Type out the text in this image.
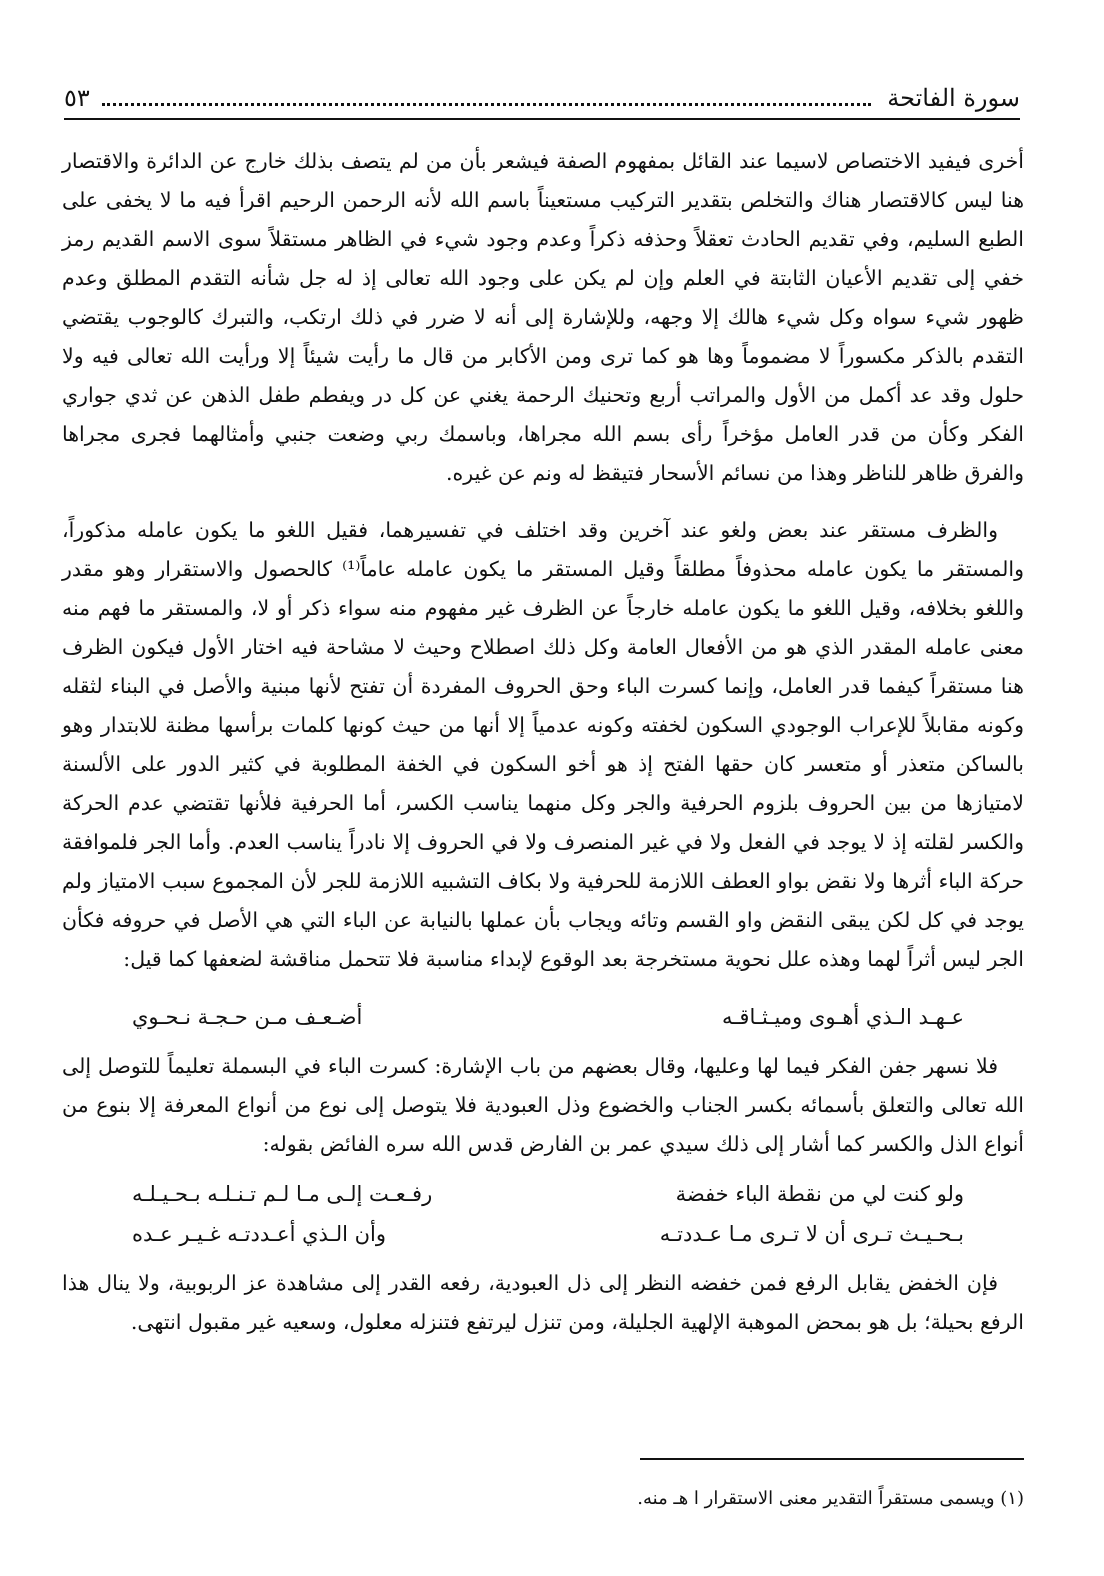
سورة الفاتحة
٥٣

أخرى فيفيد الاختصاص لاسيما عند القائل بمفهوم الصفة فيشعر بأن من لم يتصف بذلك خارج عن الدائرة والاقتصار هنا ليس كالاقتصار هناك والتخلص بتقدير التركيب مستعيناً باسم الله لأنه الرحمن الرحيم اقرأ فيه ما لا يخفى على الطبع السليم، وفي تقديم الحادث تعقلاً وحذفه ذكراً وعدم وجود شيء في الظاهر مستقلاً سوى الاسم القديم رمز خفي إلى تقديم الأعيان الثابتة في العلم وإن لم يكن على وجود الله تعالى إذ له جل شأنه التقدم المطلق وعدم ظهور شيء سواه وكل شيء هالك إلا وجهه، وللإشارة إلى أنه لا ضرر في ذلك ارتكب، والتبرك كالوجوب يقتضي التقدم بالذكر مكسوراً لا مضموماً وها هو كما ترى ومن الأكابر من قال ما رأيت شيئاً إلا ورأيت الله تعالى فيه ولا حلول وقد عد أكمل من الأول والمراتب أربع وتحنيك الرحمة يغني عن كل در ويفطم طفل الذهن عن ثدي جواري الفكر وكأن من قدر العامل مؤخراً رأى بسم الله مجراها، وباسمك ربي وضعت جنبي وأمثالهما فجرى مجراها والفرق ظاهر للناظر وهذا من نسائم الأسحار فتيقظ له ونم عن غيره.

والظرف مستقر عند بعض ولغو عند آخرين وقد اختلف في تفسيرهما، فقيل اللغو ما يكون عامله مذكوراً، والمستقر ما يكون عامله محذوفاً مطلقاً وقيل المستقر ما يكون عامله عاماً⁽¹⁾ كالحصول والاستقرار وهو مقدر واللغو بخلافه، وقيل اللغو ما يكون عامله خارجاً عن الظرف غير مفهوم منه سواء ذكر أو لا، والمستقر ما فهم منه معنى عامله المقدر الذي هو من الأفعال العامة وكل ذلك اصطلاح وحيث لا مشاحة فيه اختار الأول فيكون الظرف هنا مستقراً كيفما قدر العامل، وإنما كسرت الباء وحق الحروف المفردة أن تفتح لأنها مبنية والأصل في البناء لثقله وكونه مقابلاً للإعراب الوجودي السكون لخفته وكونه عدمياً إلا أنها من حيث كونها كلمات برأسها مظنة للابتدار وهو بالساكن متعذر أو متعسر كان حقها الفتح إذ هو أخو السكون في الخفة المطلوبة في كثير الدور على الألسنة لامتيازها من بين الحروف بلزوم الحرفية والجر وكل منهما يناسب الكسر، أما الحرفية فلأنها تقتضي عدم الحركة والكسر لقلته إذ لا يوجد في الفعل ولا في غير المنصرف ولا في الحروف إلا نادراً يناسب العدم. وأما الجر فلموافقة حركة الباء أثرها ولا نقض بواو العطف اللازمة للحرفية ولا بكاف التشبيه اللازمة للجر لأن المجموع سبب الامتياز ولم يوجد في كل لكن يبقى النقض واو القسم وتائه ويجاب بأن عملها بالنيابة عن الباء التي هي الأصل في حروفه فكأن الجر ليس أثراً لهما وهذه علل نحوية مستخرجة بعد الوقوع لإبداء مناسبة فلا تتحمل مناقشة لضعفها كما قيل:

عـهـد الـذي أهـوى وميـثـاقـه
أضـعـف مـن حـجـة نـحـوي

فلا نسهر جفن الفكر فيما لها وعليها، وقال بعضهم من باب الإشارة: كسرت الباء في البسملة تعليماً للتوصل إلى الله تعالى والتعلق بأسمائه بكسر الجناب والخضوع وذل العبودية فلا يتوصل إلى نوع من أنواع المعرفة إلا بنوع من أنواع الذل والكسر كما أشار إلى ذلك سيدي عمر بن الفارض قدس الله سره الفائض بقوله:

ولو كنت لي من نقطة الباء خفضة
رفـعـت إلـى مـا لـم تـنـلـه بـحـيـلـه
بـحـيـث تـرى أن لا تـرى مـا عـددتـه
وأن الـذي أعـددتـه غـيـر عـده

فإن الخفض يقابل الرفع فمن خفضه النظر إلى ذل العبودية، رفعه القدر إلى مشاهدة عز الربوبية، ولا ينال هذا الرفع بحيلة؛ بل هو بمحض الموهبة الإلهية الجليلة، ومن تنزل ليرتفع فتنزله معلول، وسعيه غير مقبول انتهى.

(١) ويسمى مستقراً التقدير معنى الاستقرار ا هـ منه.
